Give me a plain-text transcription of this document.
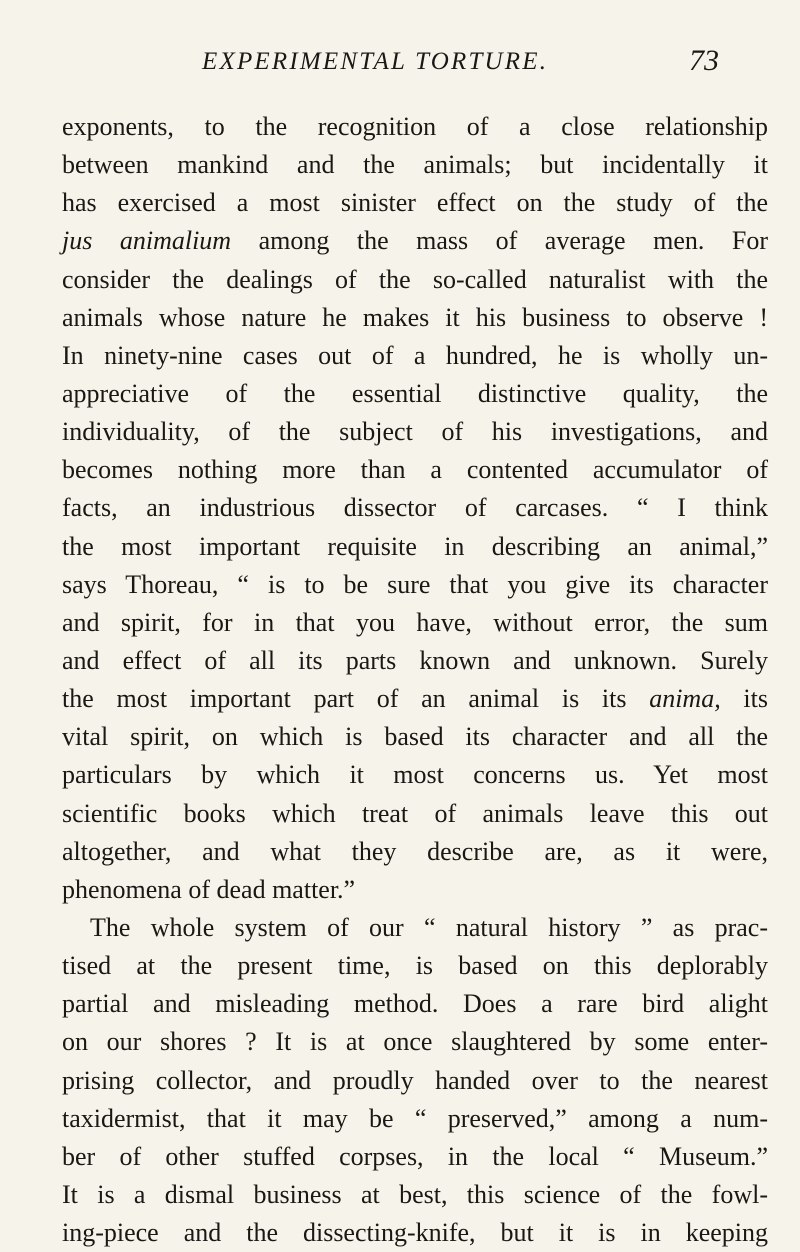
EXPERIMENTAL TORTURE.	73
exponents, to the recognition of a close relationship
between mankind and the animals; but incidentally it
has exercised a most sinister effect on the study of the
jus animalium among the mass of average men. For
consider the dealings of the so-called naturalist with the
animals whose nature he makes it his business to observe !
In ninety-nine cases out of a hundred, he is wholly un-
appreciative of the essential distinctive quality, the
individuality, of the subject of his investigations, and
becomes nothing more than a contented accumulator of
facts, an industrious dissector of carcases. “ I think
the most important requisite in describing an animal,”
says Thoreau, “ is to be sure that you give its character
and spirit, for in that you have, without error, the sum
and effect of all its parts known and unknown. Surely
the most important part of an animal is its anima, its
vital spirit, on which is based its character and all the
particulars by which it most concerns us. Yet most
scientific books which treat of animals leave this out
altogether, and what they describe are, as it were,
phenomena of dead matter.”
The whole system of our “ natural history ” as prac-
tised at the present time, is based on this deplorably
partial and misleading method. Does a rare bird alight
on our shores ? It is at once slaughtered by some enter-
prising collector, and proudly handed over to the nearest
taxidermist, that it may be “ preserved,” among a num-
ber of other stuffed corpses, in the local “ Museum.”
It is a dismal business at best, this science of the fowl-
ing-piece and the dissecting-knife, but it is in keeping
